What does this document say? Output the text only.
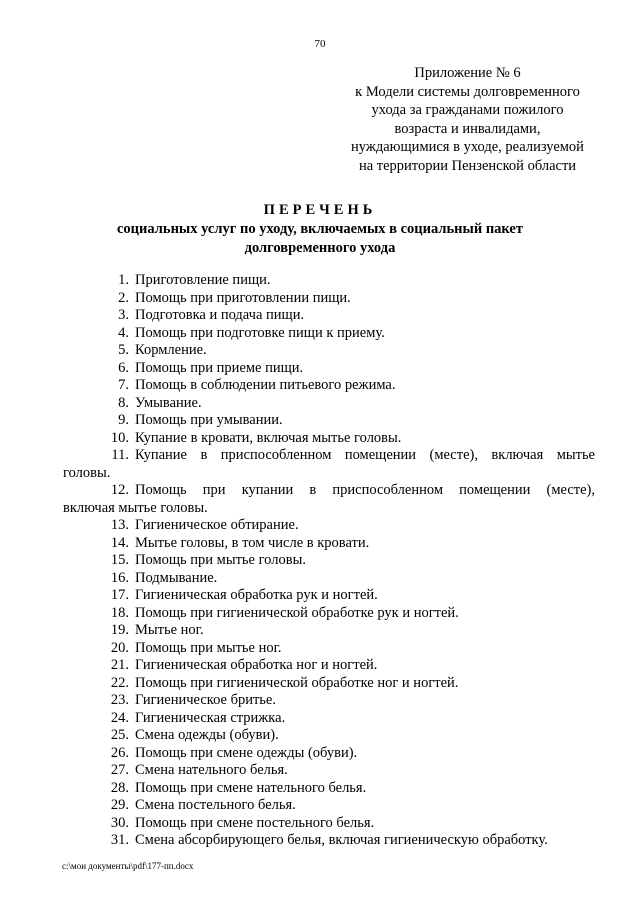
70
Приложение № 6
к Модели системы долговременного
ухода за гражданами пожилого
возраста и инвалидами,
нуждающимися в уходе, реализуемой
на территории Пензенской области
ПЕРЕЧЕНЬ
социальных услуг по уходу, включаемых в социальный пакет
долговременного ухода
1. Приготовление пищи.
2. Помощь при приготовлении пищи.
3. Подготовка и подача пищи.
4. Помощь при подготовке пищи к приему.
5. Кормление.
6. Помощь при приеме пищи.
7. Помощь в соблюдении питьевого режима.
8. Умывание.
9. Помощь при умывании.
10. Купание в кровати, включая мытье головы.
11. Купание в приспособленном помещении (месте), включая мытье
головы.
12. Помощь при купании в приспособленном помещении (месте),
включая мытье головы.
13. Гигиеническое обтирание.
14. Мытье головы, в том числе в кровати.
15. Помощь при мытье головы.
16. Подмывание.
17. Гигиеническая обработка рук и ногтей.
18. Помощь при гигиенической обработке рук и ногтей.
19. Мытье ног.
20. Помощь при мытье ног.
21. Гигиеническая обработка ног и ногтей.
22. Помощь при гигиенической обработке ног и ногтей.
23. Гигиеническое бритье.
24. Гигиеническая стрижка.
25. Смена одежды (обуви).
26. Помощь при смене одежды (обуви).
27. Смена нательного белья.
28. Помощь при смене нательного белья.
29. Смена постельного белья.
30. Помощь при смене постельного белья.
31. Смена абсорбирующего белья, включая гигиеническую обработку.
c:\мои документы\pdf\177-пп.docx
